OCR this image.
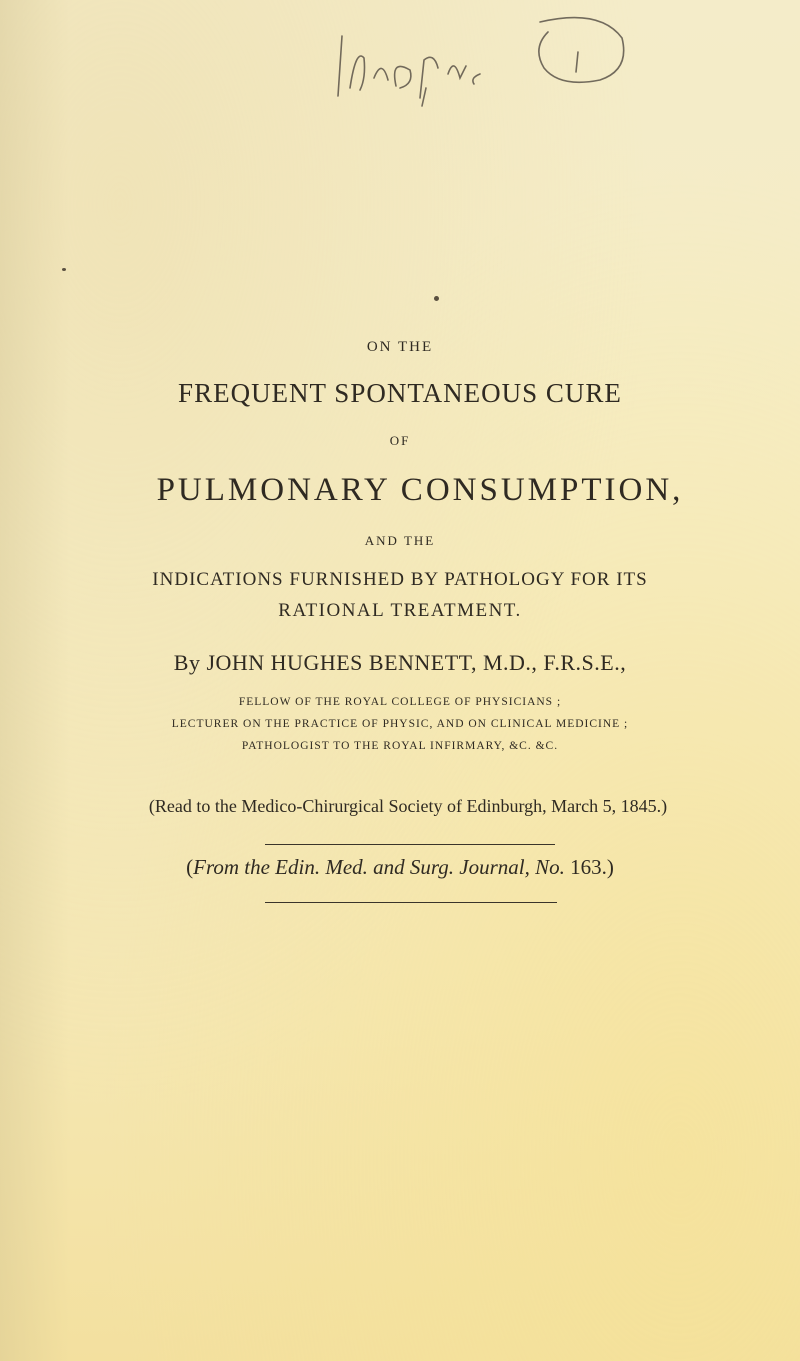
ON THE
FREQUENT SPONTANEOUS CURE
OF
PULMONARY CONSUMPTION,
AND THE
INDICATIONS FURNISHED BY PATHOLOGY FOR ITS
RATIONAL TREATMENT.
By JOHN HUGHES BENNETT, M.D., F.R.S.E.,
FELLOW OF THE ROYAL COLLEGE OF PHYSICIANS ;
LECTURER ON THE PRACTICE OF PHYSIC, AND ON CLINICAL MEDICINE ;
PATHOLOGIST TO THE ROYAL INFIRMARY, &C. &C.
(Read to the Medico-Chirurgical Society of Edinburgh, March 5, 1845.)
(From the Edin. Med. and Surg. Journal, No. 163.)
